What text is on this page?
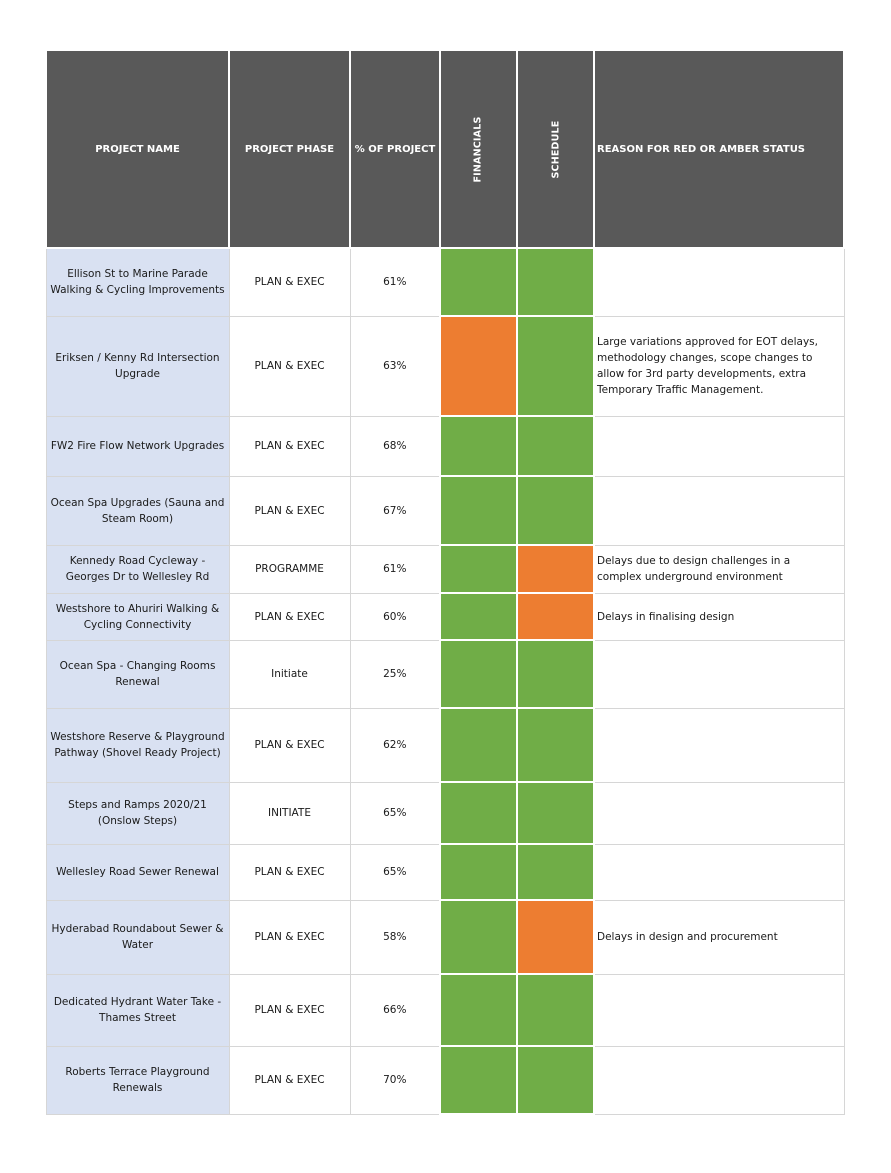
PROJECT NAME	PROJECT PHASE	% OF PROJECT	FINANCIALS	SCHEDULE	REASON FOR RED OR AMBER STATUS
Ellison St to Marine Parade Walking & Cycling Improvements	PLAN & EXEC	61%			
Eriksen / Kenny Rd Intersection Upgrade	PLAN & EXEC	63%			Large variations approved for EOT delays, methodology changes, scope changes to allow for 3rd party developments, extra Temporary Traffic Management.
FW2 Fire Flow Network Upgrades	PLAN & EXEC	68%			
Ocean Spa Upgrades (Sauna and Steam Room)	PLAN & EXEC	67%			
Kennedy Road Cycleway - Georges Dr to Wellesley Rd	PROGRAMME	61%			Delays due to design challenges in a complex underground environment
Westshore to Ahuriri Walking & Cycling Connectivity	PLAN & EXEC	60%			Delays in finalising design
Ocean Spa - Changing Rooms Renewal	Initiate	25%			
Westshore Reserve & Playground Pathway (Shovel Ready Project)	PLAN & EXEC	62%			
Steps and Ramps 2020/21 (Onslow Steps)	INITIATE	65%			
Wellesley Road Sewer Renewal	PLAN & EXEC	65%			
Hyderabad Roundabout Sewer & Water	PLAN & EXEC	58%			Delays in design and procurement
Dedicated Hydrant Water Take - Thames Street	PLAN & EXEC	66%			
Roberts Terrace Playground Renewals	PLAN & EXEC	70%			
